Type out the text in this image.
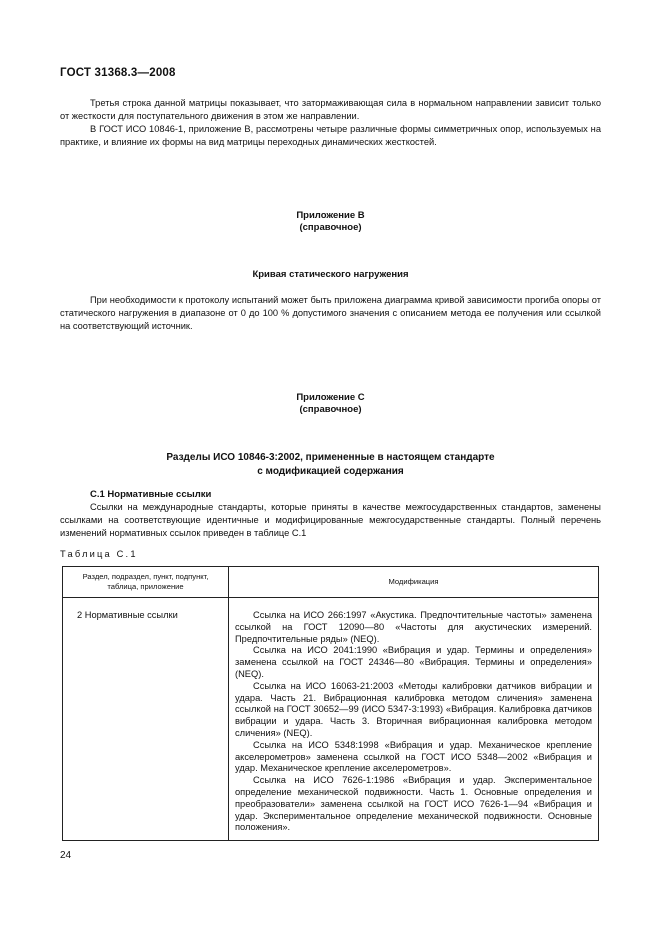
ГОСТ 31368.3—2008

Третья строка данной матрицы показывает, что затормаживающая сила в нормальном направлении зависит только от жесткости для поступательного движения в этом же направлении.

В ГОСТ ИСО 10846-1, приложение B, рассмотрены четыре различные формы симметричных опор, используемых на практике, и влияние их формы на вид матрицы переходных динамических жесткостей.

Приложение В
(справочное)
Кривая статического нагружения

При необходимости к протоколу испытаний может быть приложена диаграмма кривой зависимости прогиба опоры от статического нагружения в диапазоне от 0 до 100 % допустимого значения с описанием метода ее получения или ссылкой на соответствующий источник.

Приложение С
(справочное)
Разделы ИСО 10846-3:2002, примененные в настоящем стандарте
с модификацией содержания
С.1 Нормативные ссылки

Ссылки на международные стандарты, которые приняты в качестве межгосударственных стандартов, заменены ссылками на соответствующие идентичные и модифицированные межгосударственные стандарты. Полный перечень изменений нормативных ссылок приведен в таблице С.1

Таблица С.1
Раздел, подраздел, пункт, подпункт, таблица, приложение	Модификация
2 Нормативные ссылки	Ссылка на ИСО 266:1997 «Акустика. Предпочтительные частоты» заменена ссылкой на ГОСТ 12090—80 «Частоты для акустических измерений. Предпочтительные ряды» (NEQ).

Ссылка на ИСО 2041:1990 «Вибрация и удар. Термины и определения» заменена ссылкой на ГОСТ 24346—80 «Вибрация. Термины и определения» (NEQ).

Ссылка на ИСО 16063-21:2003 «Методы калибровки датчиков вибрации и удара. Часть 21. Вибрационная калибровка методом сличения» заменена ссылкой на ГОСТ 30652—99 (ИСО 5347-3:1993) «Вибрация. Калибровка датчиков вибрации и удара. Часть 3. Вторичная вибрационная калибровка методом сличения» (NEQ).

Ссылка на ИСО 5348:1998 «Вибрация и удар. Механическое крепление акселерометров» заменена ссылкой на ГОСТ ИСО 5348—2002 «Вибрация и удар. Механическое крепление акселерометров».

Ссылка на ИСО 7626-1:1986 «Вибрация и удар. Экспериментальное определение механической подвижности. Часть 1. Основные определения и преобразователи» заменена ссылкой на ГОСТ ИСО 7626-1—94 «Вибрация и удар. Экспериментальное определение механической подвижности. Основные положения».

24
